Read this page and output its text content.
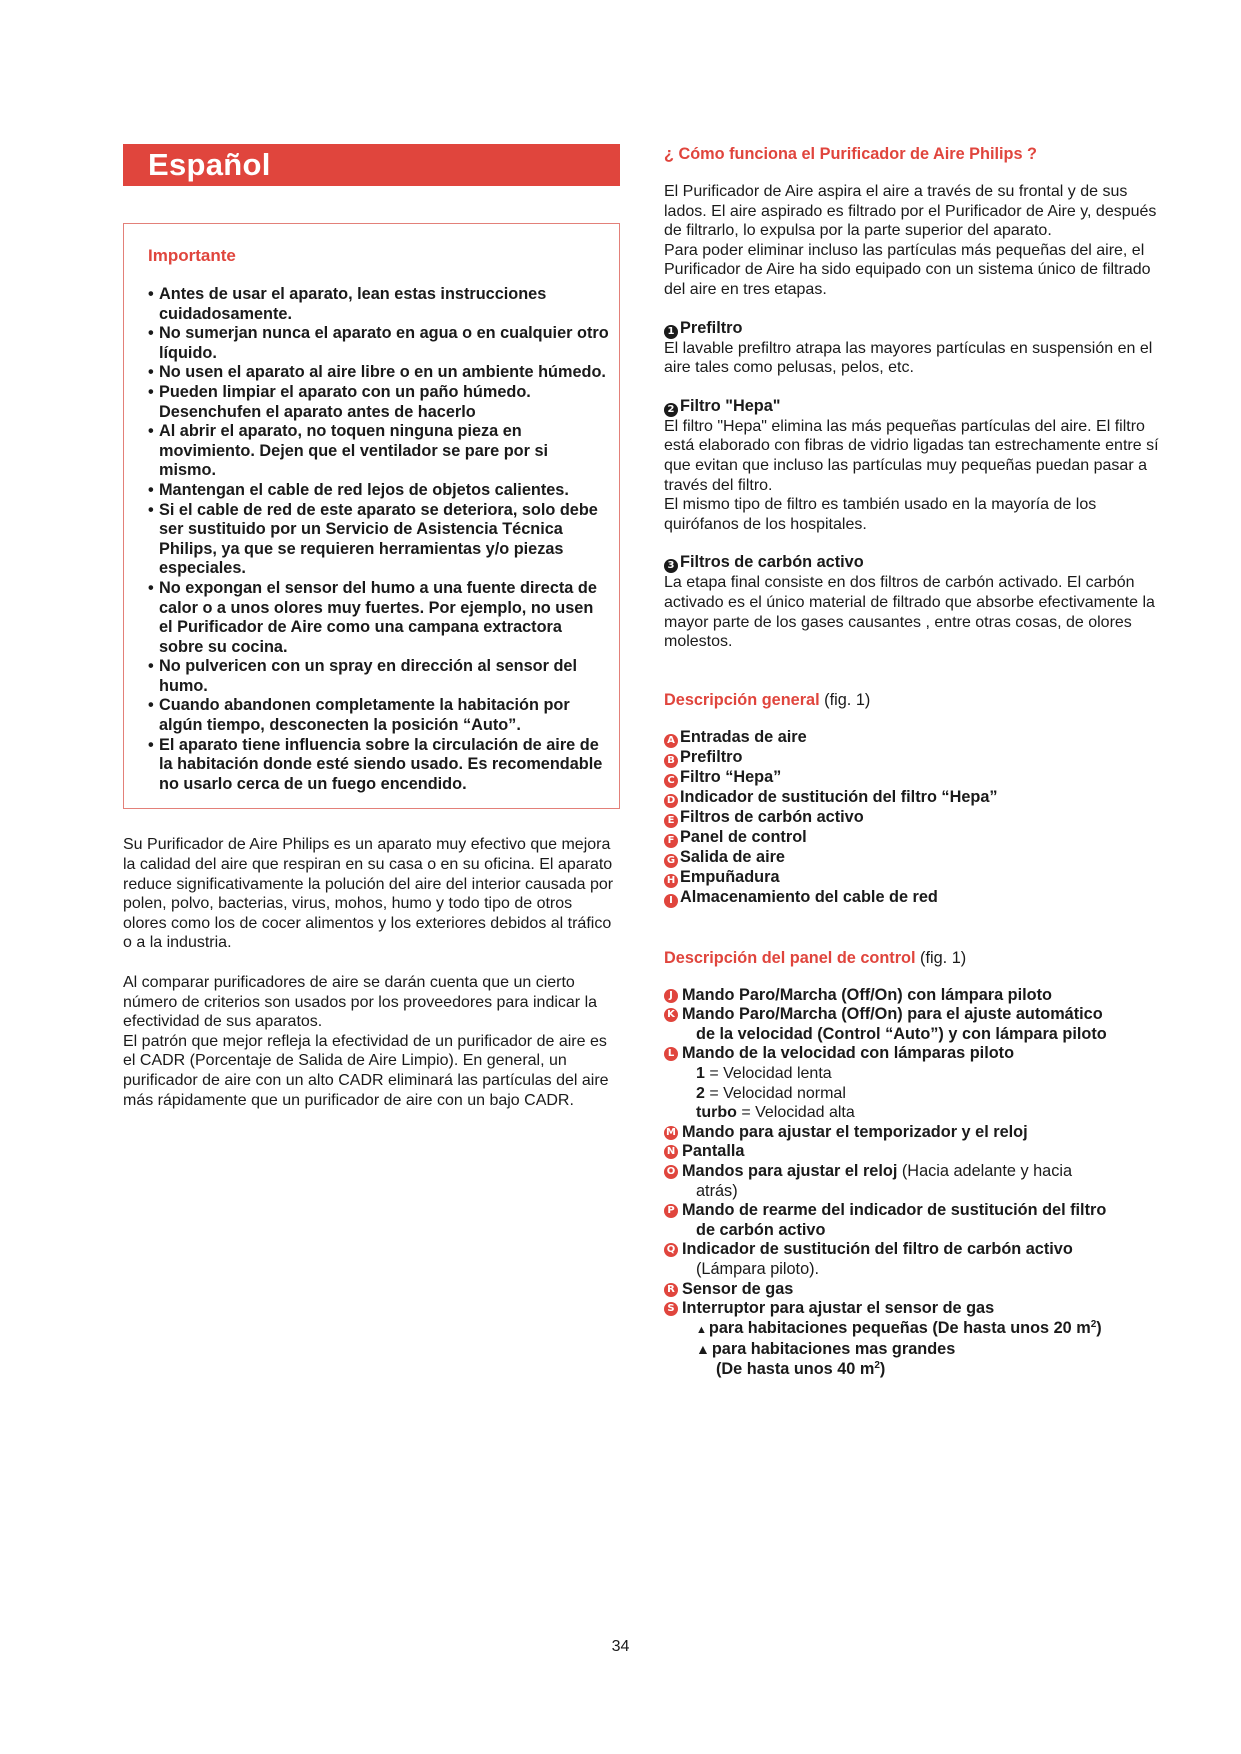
Español

Importante

• Antes de usar el aparato, lean estas instrucciones cuidadosamente.
• No sumerjan nunca el aparato en agua o en cualquier otro líquido.
• No usen el aparato al aire libre o en un ambiente húmedo.
• Pueden limpiar el aparato con un paño húmedo. Desenchufen el aparato antes de hacerlo
• Al abrir el aparato, no toquen ninguna pieza en movimiento. Dejen que el ventilador se pare por si mismo.
• Mantengan el cable de red lejos de objetos calientes.
• Si el cable de red de este aparato se deteriora, solo debe ser sustituido por un Servicio de Asistencia Técnica Philips, ya que se requieren herramientas y/o piezas especiales.
• No expongan el sensor del humo a una fuente directa de calor o a unos olores muy fuertes. Por ejemplo, no usen el Purificador de Aire como una campana extractora sobre su cocina.
• No pulvericen con un spray en dirección al sensor del humo.
• Cuando abandonen completamente la habitación por algún tiempo, desconecten la posición “Auto”.
• El aparato tiene influencia sobre la circulación de aire de la habitación donde esté siendo usado. Es recomendable no usarlo cerca de un fuego encendido.

Su Purificador de Aire Philips es un aparato muy efectivo que mejora la calidad del aire que respiran en su casa o en su oficina. El aparato reduce significativamente la polución del aire del interior causada por polen, polvo, bacterias, virus, mohos, humo y todo tipo de otros olores como los de cocer alimentos y los exteriores debidos al tráfico o a la industria.

Al comparar purificadores de aire se darán cuenta que un cierto número de criterios son usados por los proveedores para indicar la efectividad de sus aparatos.

El patrón que mejor refleja la efectividad de un purificador de aire es el CADR (Porcentaje de Salida de Aire Limpio). En general, un purificador de aire con un alto CADR eliminará las partículas del aire más rápidamente que un purificador de aire con un bajo CADR.

¿ Cómo funciona el Purificador de Aire Philips ?

El Purificador de Aire aspira el aire a través de su frontal y de sus lados. El aire aspirado es filtrado por el Purificador de Aire y, después de filtrarlo, lo expulsa por la parte superior del aparato.

Para poder eliminar incluso las partículas más pequeñas del aire, el Purificador de Aire ha sido equipado con un sistema único de filtrado del aire en tres etapas.

1 Prefiltro

El lavable prefiltro atrapa las mayores partículas en suspensión en el aire tales como pelusas, pelos, etc.

2 Filtro "Hepa"

El filtro "Hepa" elimina las más pequeñas partículas del aire. El filtro está elaborado con fibras de vidrio ligadas tan estrechamente entre sí que evitan que incluso las partículas muy pequeñas puedan pasar a través del filtro.

El mismo tipo de filtro es también usado en la mayoría de los quirófanos de los hospitales.

3 Filtros de carbón activo

La etapa final consiste en dos filtros de carbón activado. El carbón activado es el único material de filtrado que absorbe efectivamente la mayor parte de los gases causantes , entre otras cosas, de olores molestos.

Descripción general (fig. 1)

A Entradas de aire
B Prefiltro
C Filtro “Hepa”
D Indicador de sustitución del filtro “Hepa”
E Filtros de carbón activo
F Panel de control
G Salida de aire
H Empuñadura
I Almacenamiento del cable de red

Descripción del panel de control (fig. 1)

J Mando Paro/Marcha (Off/On) con lámpara piloto
K Mando Paro/Marcha (Off/On) para el ajuste automático
de la velocidad (Control “Auto”) y con lámpara piloto
L Mando de la velocidad con lámparas piloto
1 = Velocidad lenta
2 = Velocidad normal
turbo = Velocidad alta
M Mando para ajustar el temporizador y el reloj
N Pantalla
O Mandos para ajustar el reloj (Hacia adelante y hacia
atrás)
P Mando de rearme del indicador de sustitución del filtro
de carbón activo
Q Indicador de sustitución del filtro de carbón activo
(Lámpara piloto).
R Sensor de gas
S Interruptor para ajustar el sensor de gas
▲ para habitaciones pequeñas (De hasta unos 20 $m^2$)
▲ para habitaciones mas grandes
(De hasta unos 40 $m^2$)
34
